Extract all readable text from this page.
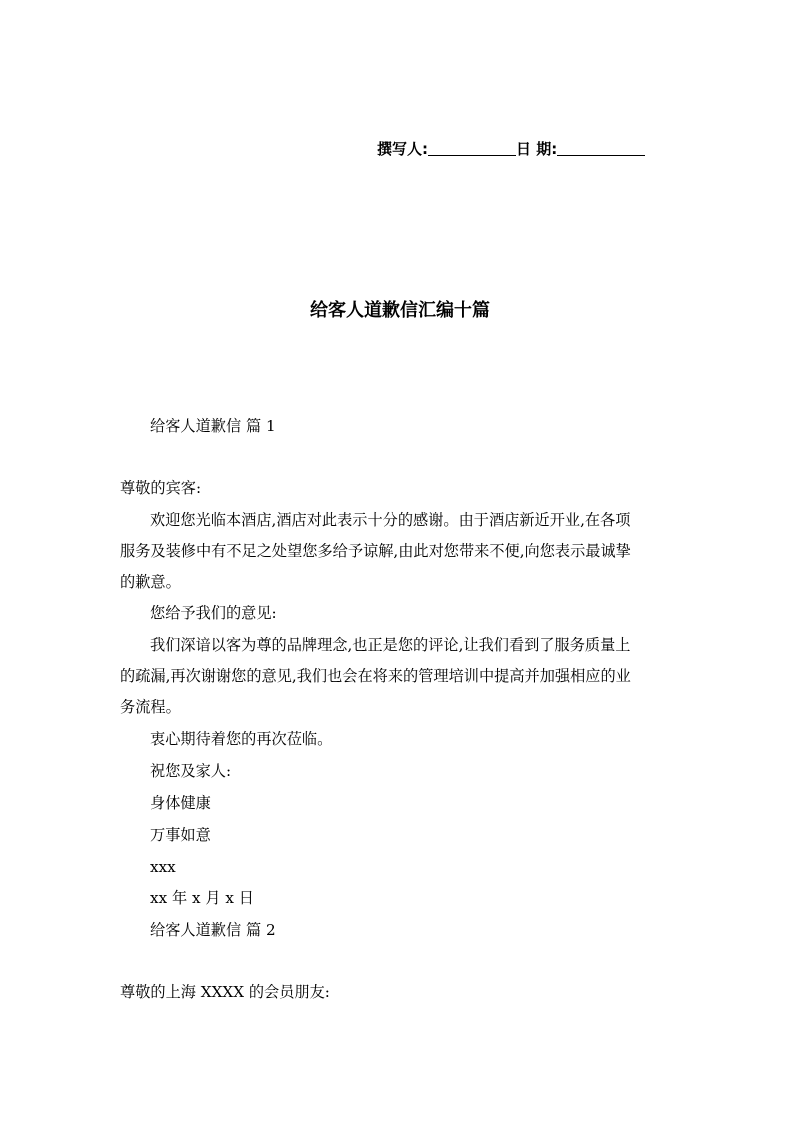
撰写人:	日 期:
给客人道歉信汇编十篇
给客人道歉信 篇 1
尊敬的宾客:
欢迎您光临本酒店,酒店对此表示十分的感谢。由于酒店新近开业,在各项
服务及装修中有不足之处望您多给予谅解,由此对您带来不便,向您表示最诚挚
的歉意。
您给予我们的意见:
我们深谙以客为尊的品牌理念,也正是您的评论,让我们看到了服务质量上
的疏漏,再次谢谢您的意见,我们也会在将来的管理培训中提高并加强相应的业
务流程。
衷心期待着您的再次莅临。
祝您及家人:
身体健康
万事如意
xxx
xx 年 x 月 x 日
给客人道歉信 篇 2
尊敬的上海 XXXX 的会员朋友:
